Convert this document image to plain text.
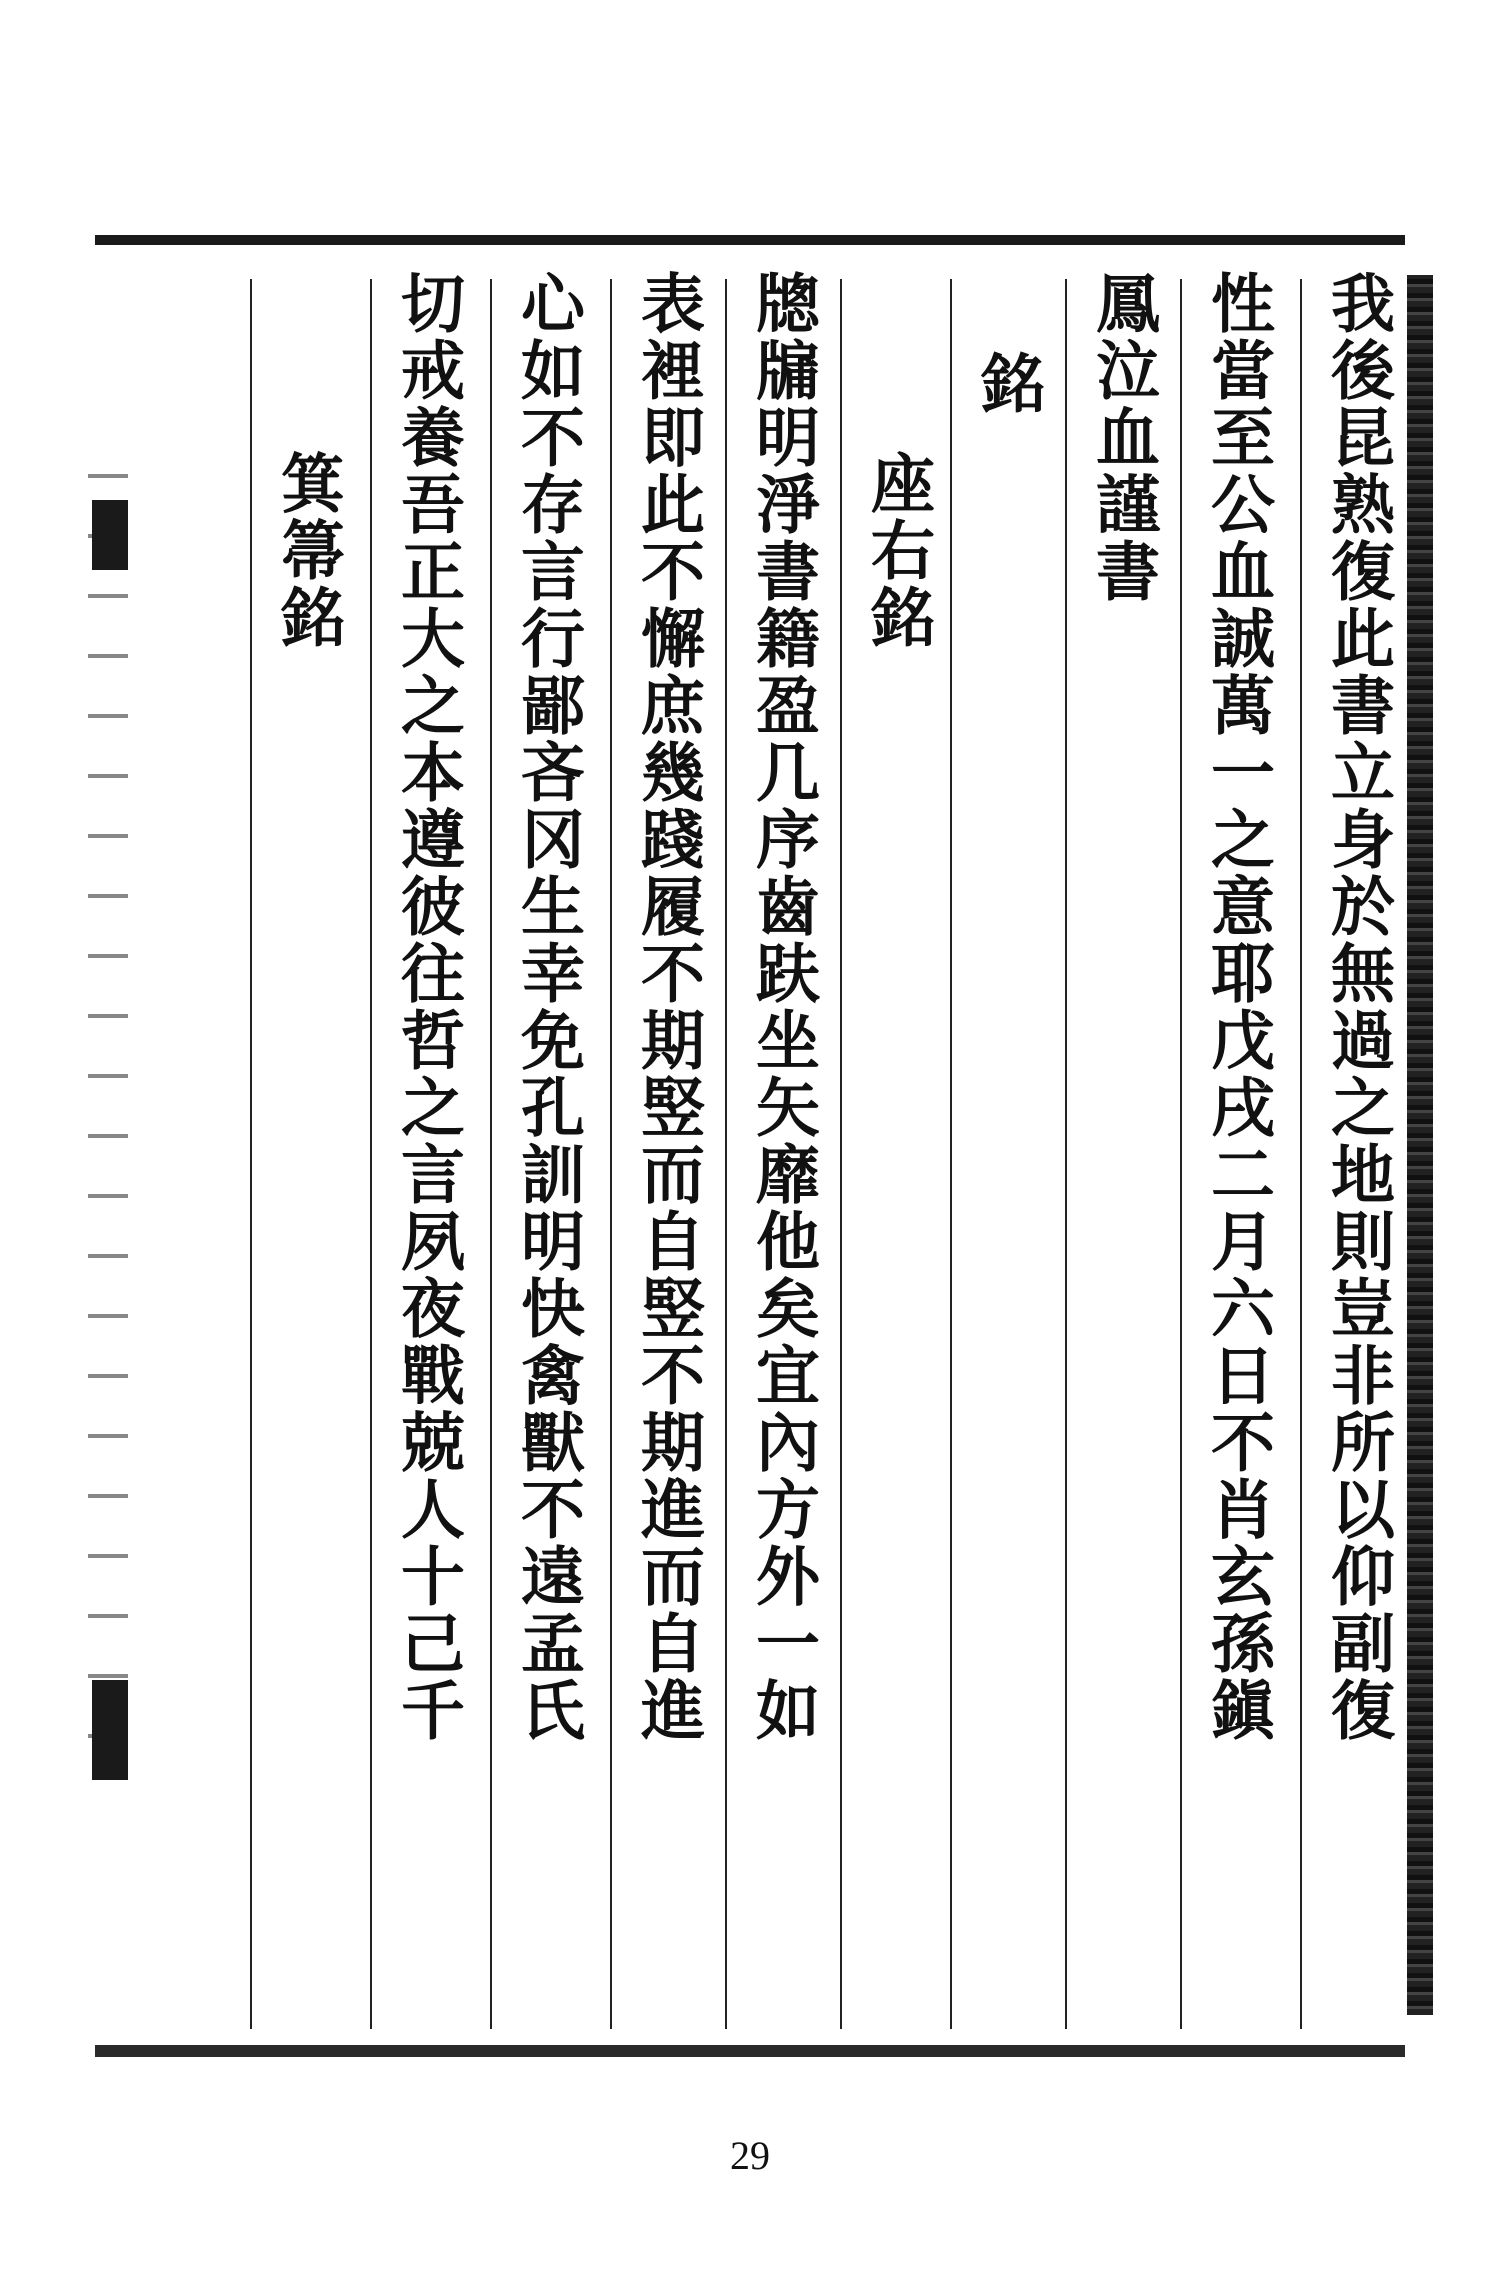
我後昆熟復此書立身於無過之地則豈非所以仰副復
性當至公血誠萬一之意耶戊戌二月六日不肖玄孫鎭
鳳泣血謹書
銘
座右銘
牕牖明淨書籍盈几序齒趺坐矢靡他矣宜內方外一如
表裡即此不懈庶幾踐履不期竪而自竪不期進而自進
心如不存言行鄙吝冈生幸免孔訓明快禽獸不遠孟氏
切戒養吾正大之本遵彼往哲之言夙夜戰兢人十己千
箕箒銘
29
